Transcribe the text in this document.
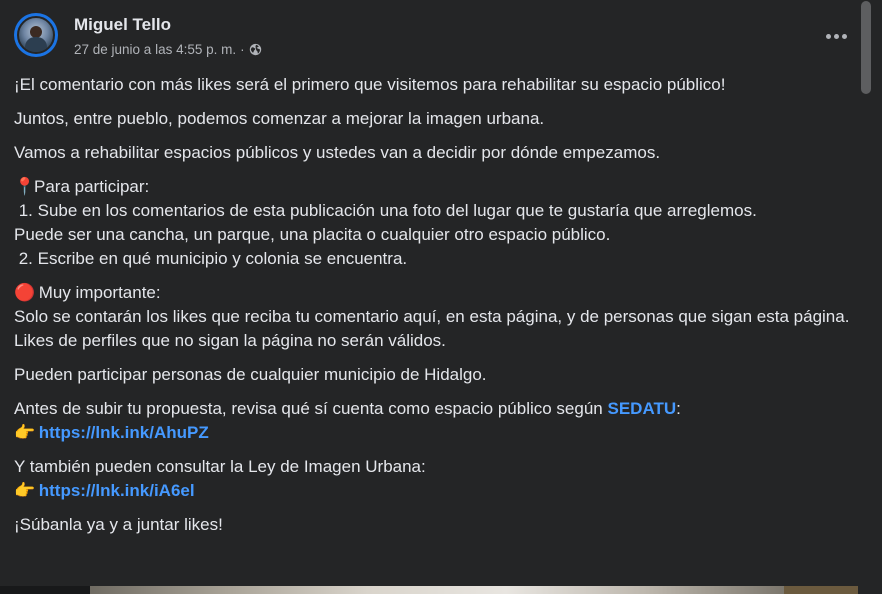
Miguel Tello
27 de junio a las 4:55 p. m. ·

¡El comentario con más likes será el primero que visitemos para rehabilitar su espacio público!

Juntos, entre pueblo, podemos comenzar a mejorar la imagen urbana.

Vamos a rehabilitar espacios públicos y ustedes van a decidir por dónde empezamos.

📍Para participar:
1. Sube en los comentarios de esta publicación una foto del lugar que te gustaría que arreglemos.
Puede ser una cancha, un parque, una placita o cualquier otro espacio público.
2. Escribe en qué municipio y colonia se encuentra.

🔴 Muy importante:
Solo se contarán los likes que reciba tu comentario aquí, en esta página, y de personas que sigan esta página.
Likes de perfiles que no sigan la página no serán válidos.

Pueden participar personas de cualquier municipio de Hidalgo.

Antes de subir tu propuesta, revisa qué sí cuenta como espacio público según SEDATU:
👉 https://lnk.ink/AhuPZ

Y también pueden consultar la Ley de Imagen Urbana:
👉 https://lnk.ink/iA6el

¡Súbanla ya y a juntar likes!
